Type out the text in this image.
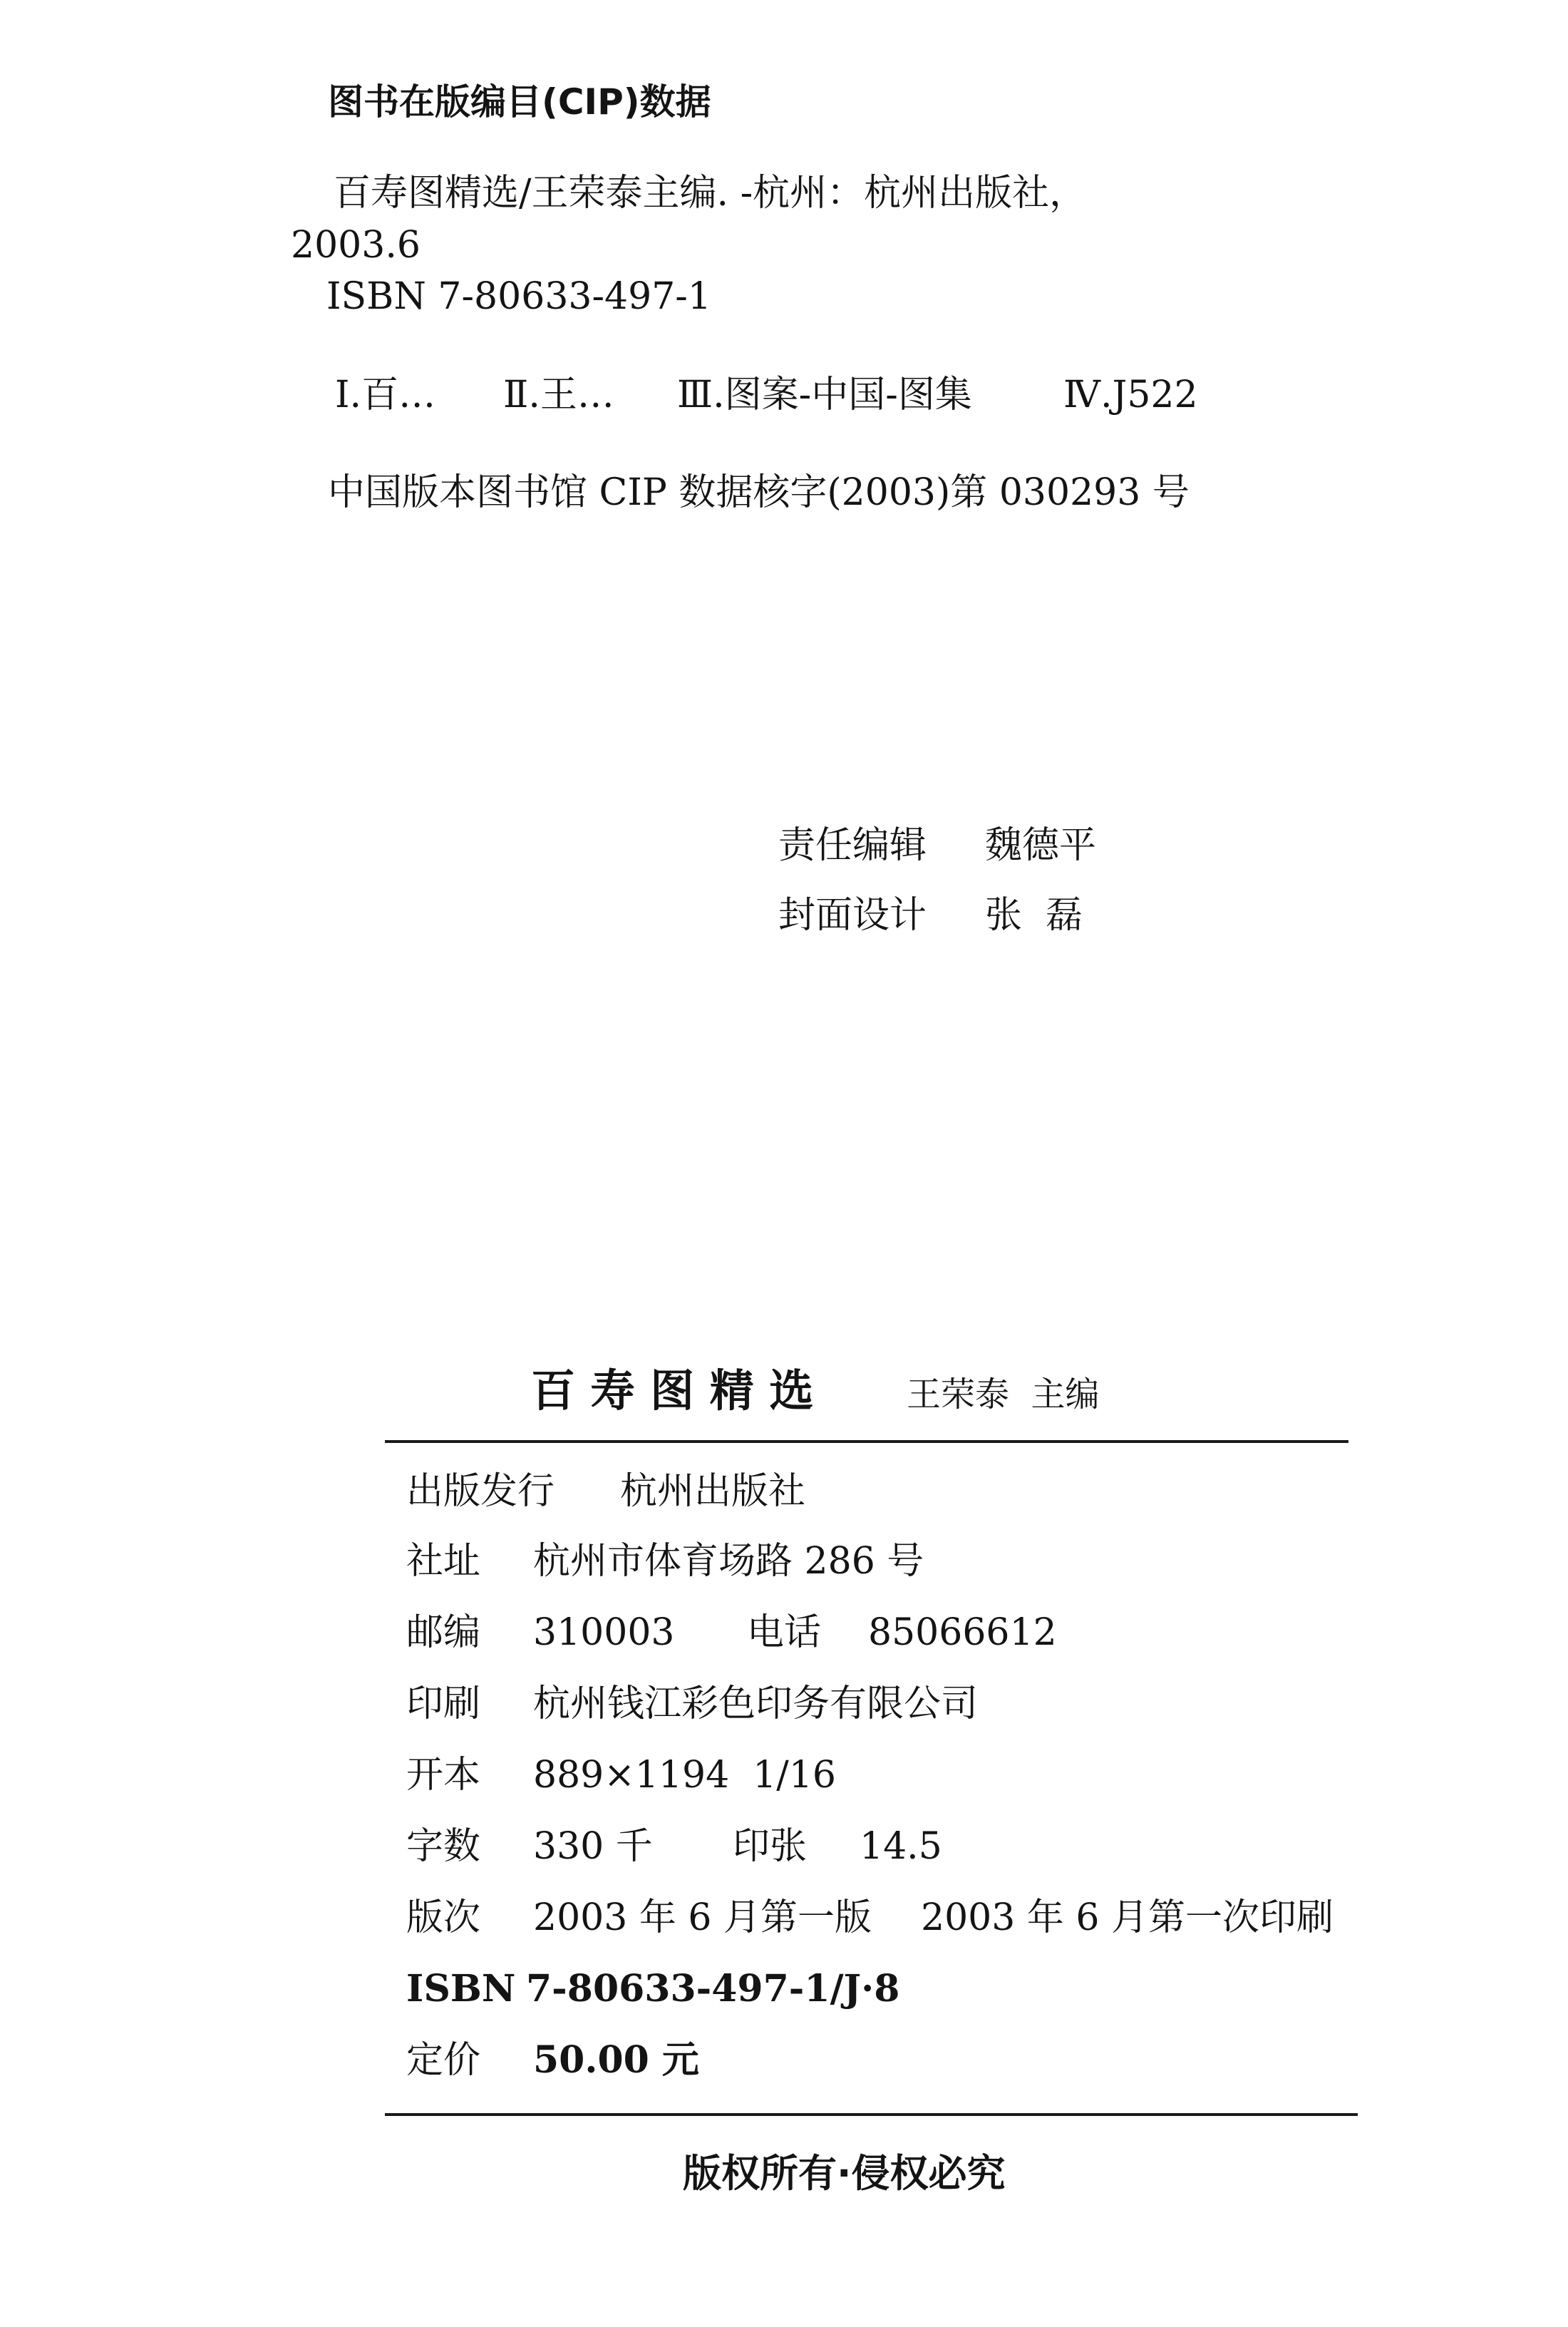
图书在版编目(CIP)数据
百寿图精选/王荣泰主编. -杭州：杭州出版社，
2003.6
ISBN 7-80633-497-1
Ⅰ.百… Ⅱ.王… Ⅲ.图案-中国-图集 Ⅳ.J522
中国版本图书馆 CIP 数据核字(2003)第 030293 号
责任编辑 魏德平
封面设计 张  磊
百 寿 图 精 选	王荣泰  主编
出版发行 杭州出版社
社址 杭州市体育场路 286 号
邮编 310003 电话 85066612
印刷 杭州钱江彩色印务有限公司
开本 889×1194  1/16
字数 330 千 印张 14.5
版次 2003 年 6 月第一版 2003 年 6 月第一次印刷
ISBN 7-80633-497-1/J·8
定价 50.00 元
版权所有·侵权必究
